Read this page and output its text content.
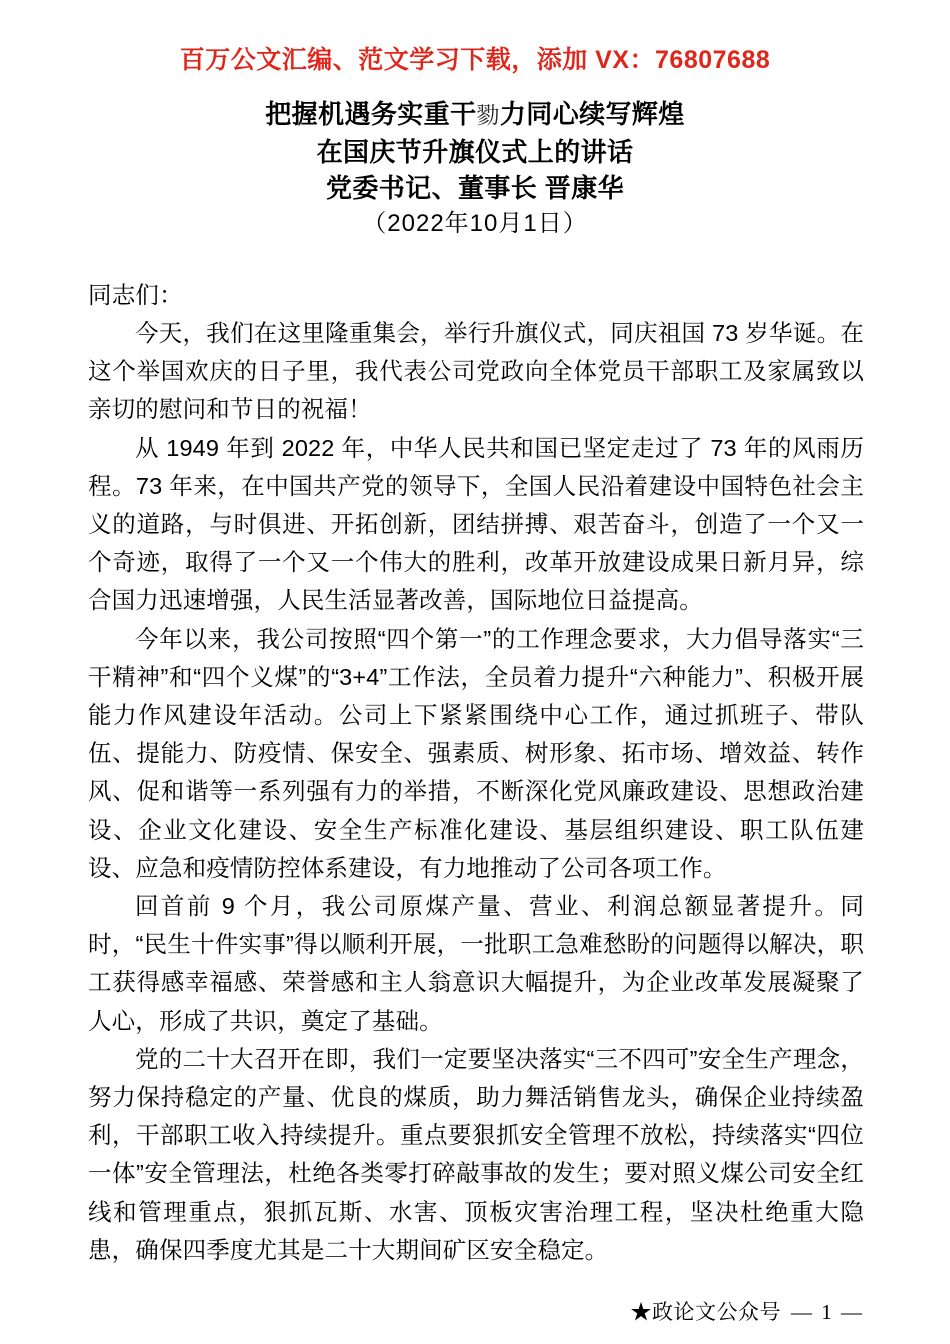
百万公文汇编、范文学习下载，添加 VX：76807688
把握机遇务实重干勠力同心续写辉煌
在国庆节升旗仪式上的讲话
党委书记、董事长 晋康华
（2022年10月1日）

同志们：

今天，我们在这里隆重集会，举行升旗仪式，同庆祖国 73 岁华诞。在这个举国欢庆的日子里，我代表公司党政向全体党员干部职工及家属致以亲切的慰问和节日的祝福！

从 1949 年到 2022 年，中华人民共和国已坚定走过了 73 年的风雨历程。73 年来，在中国共产党的领导下，全国人民沿着建设中国特色社会主义的道路，与时俱进、开拓创新，团结拼搏、艰苦奋斗，创造了一个又一个奇迹，取得了一个又一个伟大的胜利，改革开放建设成果日新月异，综合国力迅速增强，人民生活显著改善，国际地位日益提高。

今年以来，我公司按照“四个第一”的工作理念要求，大力倡导落实“三干精神”和“四个义煤”的“3+4”工作法，全员着力提升“六种能力”、积极开展能力作风建设年活动。公司上下紧紧围绕中心工作，通过抓班子、带队伍、提能力、防疫情、保安全、强素质、树形象、拓市场、增效益、转作风、促和谐等一系列强有力的举措，不断深化党风廉政建设、思想政治建设、企业文化建设、安全生产标准化建设、基层组织建设、职工队伍建设、应急和疫情防控体系建设，有力地推动了公司各项工作。

回首前 9 个月，我公司原煤产量、营业、利润总额显著提升。同时，“民生十件实事”得以顺利开展，一批职工急难愁盼的问题得以解决，职工获得感幸福感、荣誉感和主人翁意识大幅提升，为企业改革发展凝聚了人心，形成了共识，奠定了基础。

党的二十大召开在即，我们一定要坚决落实“三不四可”安全生产理念，努力保持稳定的产量、优良的煤质，助力舞活销售龙头，确保企业持续盈利，干部职工收入持续提升。重点要狠抓安全管理不放松，持续落实“四位一体”安全管理法，杜绝各类零打碎敲事故的发生；要对照义煤公司安全红线和管理重点，狠抓瓦斯、水害、顶板灾害治理工程，坚决杜绝重大隐患，确保四季度尤其是二十大期间矿区安全稳定。

★政论文公众号 — 1 —
